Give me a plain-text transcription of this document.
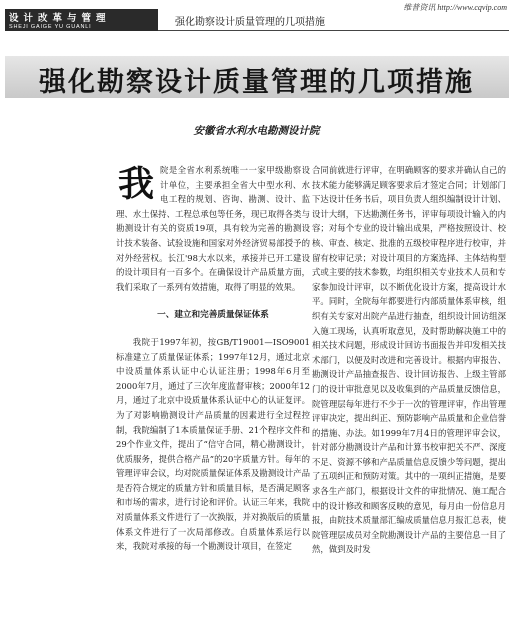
维普资讯 http://www.cqvip.com
设计改革与管理
SHEJI GAIGE YU GUANLI	强化勘察设计质量管理的几项措施
强化勘察设计质量管理的几项措施
安徽省水利水电勘测设计院
我 院是全省水利系统唯一一家甲级勘察设计单位，主要承担全省大中型水利、水电工程的规划、咨询、勘测、设计、监理、水土保持、工程总承包等任务，现已取得各类与勘测设计有关的资质19项，具有较为完善的勘测设计技术装备、试验设施和国家对外经济贸易部授予的对外经营权。长江'98大水以来，承接并已开工建设的设计项目有一百多个。在确保设计产品质量方面，我们采取了一系列有效措施，取得了明显的效果。

一、建立和完善质量保证体系

我院于1997年初，按GB/T19001—ISO9001标准建立了质量保证体系；1997年12月，通过北京中设质量体系认证中心认证注册；1998年6月至2000年7月，通过了三次年度监督审核；2000年12月，通过了北京中设质量体系认证中心的认证复评。为了对影响勘测设计产品质量的因素进行全过程控制，我院编制了1本质量保证手册、21个程序文件和29个作业文件，提出了“信守合同，精心勘测设计，优质服务，提供合格产品”的20字质量方针。每年的管理评审会议，均对院质量保证体系及勘测设计产品是否符合规定的质量方针和质量目标，是否满足顾客和市场的需求，进行讨论和评价。认证三年来，我院对质量体系文件进行了一次换版，并对换版后的质量体系文件进行了一次局部修改。自质量体系运行以来，我院对承接的每一个勘测设计项目，在签定

合同前就进行评审，在明确顾客的要求并确认自己的技术能力能够满足顾客要求后才签定合同；计划部门下达设计任务书后，项目负责人组织编制设计计划、设计大纲，下达勘测任务书，评审每项设计输入的内容；对每个专业的设计输出成果，严格按照设计、校核、审查、核定、批准的五级校审程序进行校审，并留有校审记录；对设计项目的方案选择、主体结构型式或主要的技术参数，均组织相关专业技术人员和专家参加设计评审，以不断优化设计方案，提高设计水平。同时，全院每年都要进行内部质量体系审核，组织有关专家对出院产品进行抽查，组织设计回访组深入施工现场，认真听取意见，及时帮助解决施工中的相关技术问题，形成设计回访书面报告并印发相关技术部门，以便及时改进和完善设计。根据内审报告、勘测设计产品抽查报告、设计回访报告、上级主管部门的设计审批意见以及收集到的产品质量反馈信息，院管理层每年进行不少于一次的管理评审，作出管理评审决定，提出纠正、预防影响产品质量和企业信誉的措施、办法。如1999年7月4日的管理评审会议，针对部分勘测设计产品和计算书校审把关不严、深度不足、资源不够和产品质量信息反馈少等问题，提出了五项纠正和预防对策。其中的一项纠正措施，是要求各生产部门，根据设计文件的审批情况、施工配合中的设计修改和顾客反映的意见，每月由一份信息月报，由院技术质量部汇编成质量信息月报汇总表，使院管理层成员对全院勘测设计产品的主要信息一目了然，做到及时发
